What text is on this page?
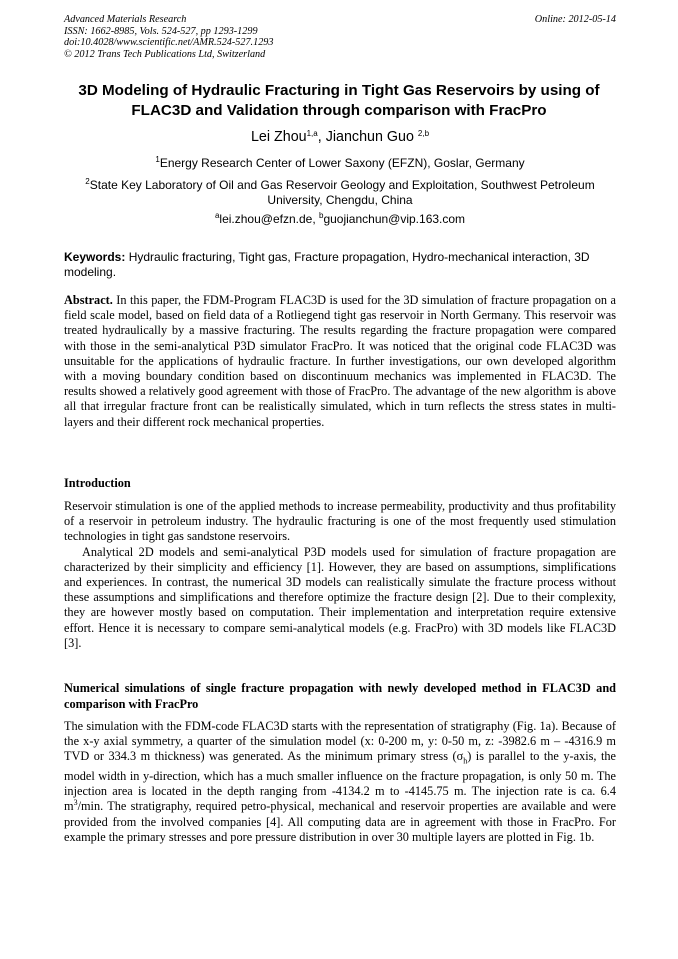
Advanced Materials Research
ISSN: 1662-8985, Vols. 524-527, pp 1293-1299
doi:10.4028/www.scientific.net/AMR.524-527.1293
© 2012 Trans Tech Publications Ltd, Switzerland
Online: 2012-05-14
3D Modeling of Hydraulic Fracturing in Tight Gas Reservoirs by using of FLAC3D and Validation through comparison with FracPro
Lei Zhou$^{1,a}$, Jianchun Guo $^{2,b}$
$^1$Energy Research Center of Lower Saxony (EFZN), Goslar, Germany
$^2$State Key Laboratory of Oil and Gas Reservoir Geology and Exploitation, Southwest Petroleum University, Chengdu, China
$^a$lei.zhou@efzn.de, $^b$guojianchun@vip.163.com
Keywords: Hydraulic fracturing, Tight gas, Fracture propagation, Hydro-mechanical interaction, 3D modeling.

Abstract. In this paper, the FDM-Program FLAC3D is used for the 3D simulation of fracture propagation on a field scale model, based on field data of a Rotliegend tight gas reservoir in North Germany. This reservoir was treated hydraulically by a massive fracturing. The results regarding the fracture propagation were compared with those in the semi-analytical P3D simulator FracPro. It was noticed that the original code FLAC3D was unsuitable for the applications of hydraulic fracture. In further investigations, our own developed algorithm with a moving boundary condition based on discontinuum mechanics was implemented in FLAC3D. The results showed a relatively good agreement with those of FracPro. The advantage of the new algorithm is above all that irregular fracture front can be realistically simulated, which in turn reflects the stress states in multi-layers and their different rock mechanical properties.

Introduction

Reservoir stimulation is one of the applied methods to increase permeability, productivity and thus profitability of a reservoir in petroleum industry. The hydraulic fracturing is one of the most frequently used stimulation technologies in tight gas sandstone reservoirs.

Analytical 2D models and semi-analytical P3D models used for simulation of fracture propagation are characterized by their simplicity and efficiency [1]. However, they are based on assumptions, simplifications and experiences. In contrast, the numerical 3D models can realistically simulate the fracture process without these assumptions and simplifications and therefore optimize the fracture design [2]. Due to their complexity, they are however mostly based on computation. Their implementation and interpretation require extensive effort. Hence it is necessary to compare semi-analytical models (e.g. FracPro) with 3D models like FLAC3D [3].

Numerical simulations of single fracture propagation with newly developed method in FLAC3D and comparison with FracPro

The simulation with the FDM-code FLAC3D starts with the representation of stratigraphy (Fig. 1a). Because of the x-y axial symmetry, a quarter of the simulation model (x: 0-200 m, y: 0-50 m, z: -3982.6 m – -4316.9 m TVD or 334.3 m thickness) was generated. As the minimum primary stress $(\sigma_h)$ is parallel to the y-axis, the model width in y-direction, which has a much smaller influence on the fracture propagation, is only 50 m. The injection area is located in the depth ranging from -4134.2 m to -4145.75 m. The injection rate is ca. 6.4 $m^3/\min$. The stratigraphy, required petro-physical, mechanical and reservoir properties are available and were provided from the involved companies [4]. All computing data are in agreement with those in FracPro. For example the primary stresses and pore pressure distribution in over 30 multiple layers are plotted in Fig. 1b.
